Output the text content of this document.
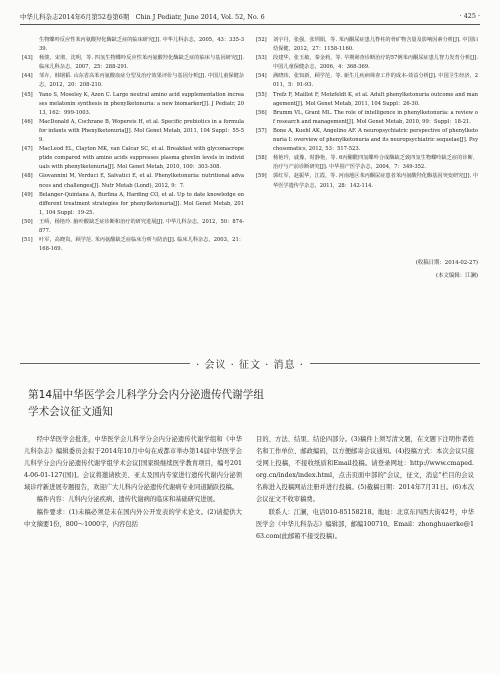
中华儿科杂志2014年6月第52卷第6期　Chin J Pediatr, June 2014, Vol. 52, No. 6	· 425 ·
生物蝶呤反应性苯丙氨酸羟化酶缺乏症的临床研究[J]. 中华儿科杂志，2005，43：335-339.
[43] 杨骏，宋彻，沈明，等. 四氢生物蝶呤反应性苯丙氨酸羟化酶缺乏症的临床与基因研究[J]. 临床儿科杂志，2007，25：288-291.
[44] 邹卉，韩钢韬. 山东省高苯丙氨酸血症分型及治疗效果评价与基因分析[J]. 中国儿童保健杂志，2012，20：208-210.
[45] Yano S, Moseley K, Azen C. Large neutral amino acid supplementation increases melatonin synthesis in phenylketonuria: a new biomarker[J]. J Pediatr, 2013, 162：999-1003.
[46] MacDonald A, Cochrane B, Wopereis H, et al. Specific prebiotics in a formula for infants with Phenylketonuria[J]. Mol Genet Metab, 2011, 104 Suppl：55-59.
[47] MacLeod EL, Clayton MK, van Calcar SC, et al. Breakfast with glycomacropeptide compared with amino acids suppresses plasma ghrelin levels in individuals with phenylketonuria[J]. Mol Genet Metab, 2010, 100：303-308.
[48] Giovannini M, Verduci E, Salvatici E, et al. Phenylketonuria: nutritional advances and challenges[J]. Nutr Metab (Lond), 2012, 9：7.
[49] Belanger-Quintana A, Burlina A, Harding CO, et al. Up to date knowledge on different treatment strategies for phenylketonuria[J]. Mol Genet Metab, 2011, 104 Suppl：19-25.
[50] 王峤，杨艳玲. 脑叶酸缺乏症诊断和治疗的研究进展[J]. 中华儿科杂志，2012，50：874-877.
[51] 叶军，高晓岚，顾学范. 苯丙氨酸缺乏症临床分析与防治[J]. 临床儿科杂志，2003，21：168-169.
[52] 刘宇丹，张强，张圳娟，等. 苯丙酮尿症患儿脊柱的骨矿物含量及影响因素分析[J]. 中国妇幼保健，2012，27：1158-1160.
[53] 段建华，张玉敏，秦金莉，等. 早期筛查诊断治疗的57例苯丙酮尿症患儿智力发育分析[J]. 中国儿童保健杂志，2006，4：368-369.
[54] 满晓玮，张知新，顾学范，等. 新生儿疾病筛查工作的成本-效益分析[J]. 中国卫生经济，2011，5：91-93.
[55] Trefz F, Maillot F, Motzfeldt K, et al. Adult phenylketonuria outcome and management[J]. Mol Genet Metab, 2011, 104 Suppl：26-30.
[56] Brumm VL, Grant ML. The role of intelligence in phenylketonuria: a review of research and management[J]. Mol Genet Metab, 2010, 99：Suppl：18-21.
[57] Bone A, Kuehl AK, Angelino AF. A neuropsychiatric perspective of phenylketonuria I: overview of phenylketonuria and its neuropsychiatric sequelae[J]. Psychosomatics, 2012, 53：517-523.
[58] 杨艳玲，戚豫，时静艳，等. 6丙酮酰四氢蝶呤合成酶缺乏致四氢生物蝶呤缺乏症的诊断、治疗与产前诊断研究[J]. 中华围产医学杂志，2004，7：349-352.
[59] 郭红军，赵振华，江霞，等. 河南地区苯丙酮尿症患者苯丙氨酸羟化酶基因突变研究[J]. 中华医学遗传学杂志，2011，28：142-114.
(收稿日期：2014-02-27)
(本文编辑：江澜)
· 会议 · 征文 · 消息 ·
第14届中华医学会儿科学分会内分泌遗传代谢学组
学术会议征文通知

经中华医学会批准，中华医学会儿科学分会内分泌遗传代谢学组和《中华儿科杂志》编辑委员会拟于2014年10月中旬在成都市举办第14届中华医学会儿科学分会内分泌遗传代谢学组学术会议[国家级继续医学教育项目，编号2014-06-01-127(国)]。会议将邀请欧美、亚太及国内专家进行遗传代谢内分泌领域诊疗新进展专题报告，欢迎广大儿科内分泌遗传代谢病专业同道踊跃投稿。

稿件内容：儿科内分泌疾病、遗传代谢病的临床和基础研究进展。

稿件要求：(1)未稿必须是未在国内外公开发表的学术论文。(2)请提供大中文摘要1份，800～1000字，内容包括

目的、方法、结果、结论四部分。(3)稿件上须写清文题，在文题下注明作者姓名和工作单位、邮政编码，以方便邮寄会议通知。(4)投稿方式：本次会议只接受网上投稿，不接收纸质和Email投稿。请登录网址：http://www.cmaped.org.cn/index/index.html，点击页面中部的"会议，征文，消息"栏目的会议名称进入投稿网站注册并进行投稿。(5)截稿日期：2014年7月31日。(6)本次会议征文不收审稿费。

联系人：江澜，电话010-85158218。地址：北京东四西大街42号，中华医学会《中华儿科杂志》编辑部，邮编100710。Email：zhonghuaerke@163.com(此邮箱不接受投稿)。
